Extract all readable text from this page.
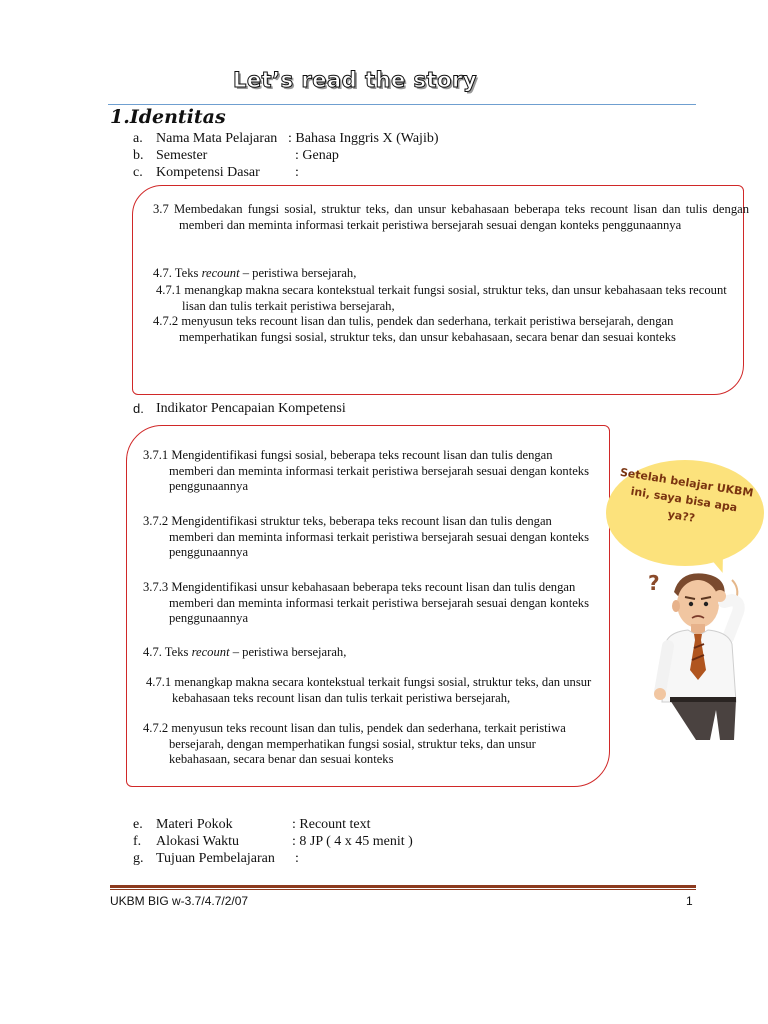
Let’s read the story
1.Identitas
a. Nama Mata Pelajaran : Bahasa Inggris X (Wajib)
b. Semester	: Genap
c. Kompetensi Dasar	:
3.7 Membedakan fungsi sosial, struktur teks, dan unsur kebahasaan beberapa teks recount lisan dan tulis dengan memberi dan meminta informasi terkait peristiwa bersejarah sesuai dengan konteks penggunaannya
4.7. Teks recount – peristiwa bersejarah,
4.7.1 menangkap makna secara kontekstual terkait fungsi sosial, struktur teks, dan unsur kebahasaan teks recount lisan dan tulis terkait peristiwa bersejarah,
4.7.2 menyusun teks recount lisan dan tulis, pendek dan sederhana, terkait peristiwa bersejarah, dengan memperhatikan fungsi sosial, struktur teks, dan unsur kebahasaan, secara benar dan sesuai konteks
d. Indikator Pencapaian Kompetensi
3.7.1 Mengidentifikasi fungsi sosial, beberapa teks recount lisan dan tulis dengan memberi dan meminta informasi terkait peristiwa bersejarah sesuai dengan konteks penggunaannya
3.7.2 Mengidentifikasi struktur teks, beberapa teks recount lisan dan tulis dengan memberi dan meminta informasi terkait peristiwa bersejarah sesuai dengan konteks penggunaannya
3.7.3 Mengidentifikasi unsur kebahasaan beberapa teks recount lisan dan tulis dengan memberi dan meminta informasi terkait peristiwa bersejarah sesuai dengan konteks penggunaannya
4.7. Teks recount – peristiwa bersejarah,
4.7.1 menangkap makna secara kontekstual terkait fungsi sosial, struktur teks, dan unsur kebahasaan teks recount lisan dan tulis terkait peristiwa bersejarah,
4.7.2 menyusun teks recount lisan dan tulis, pendek dan sederhana, terkait peristiwa bersejarah, dengan memperhatikan fungsi sosial, struktur teks, dan unsur kebahasaan, secara benar dan sesuai konteks
Setelah belajar UKBM ini, saya bisa apa ya??
?
e. Materi Pokok	: Recount text
f. Alokasi Waktu	: 8 JP ( 4 x 45 menit )
g. Tujuan Pembelajaran :
UKBM BIG w-3.7/4.7/2/07	1
